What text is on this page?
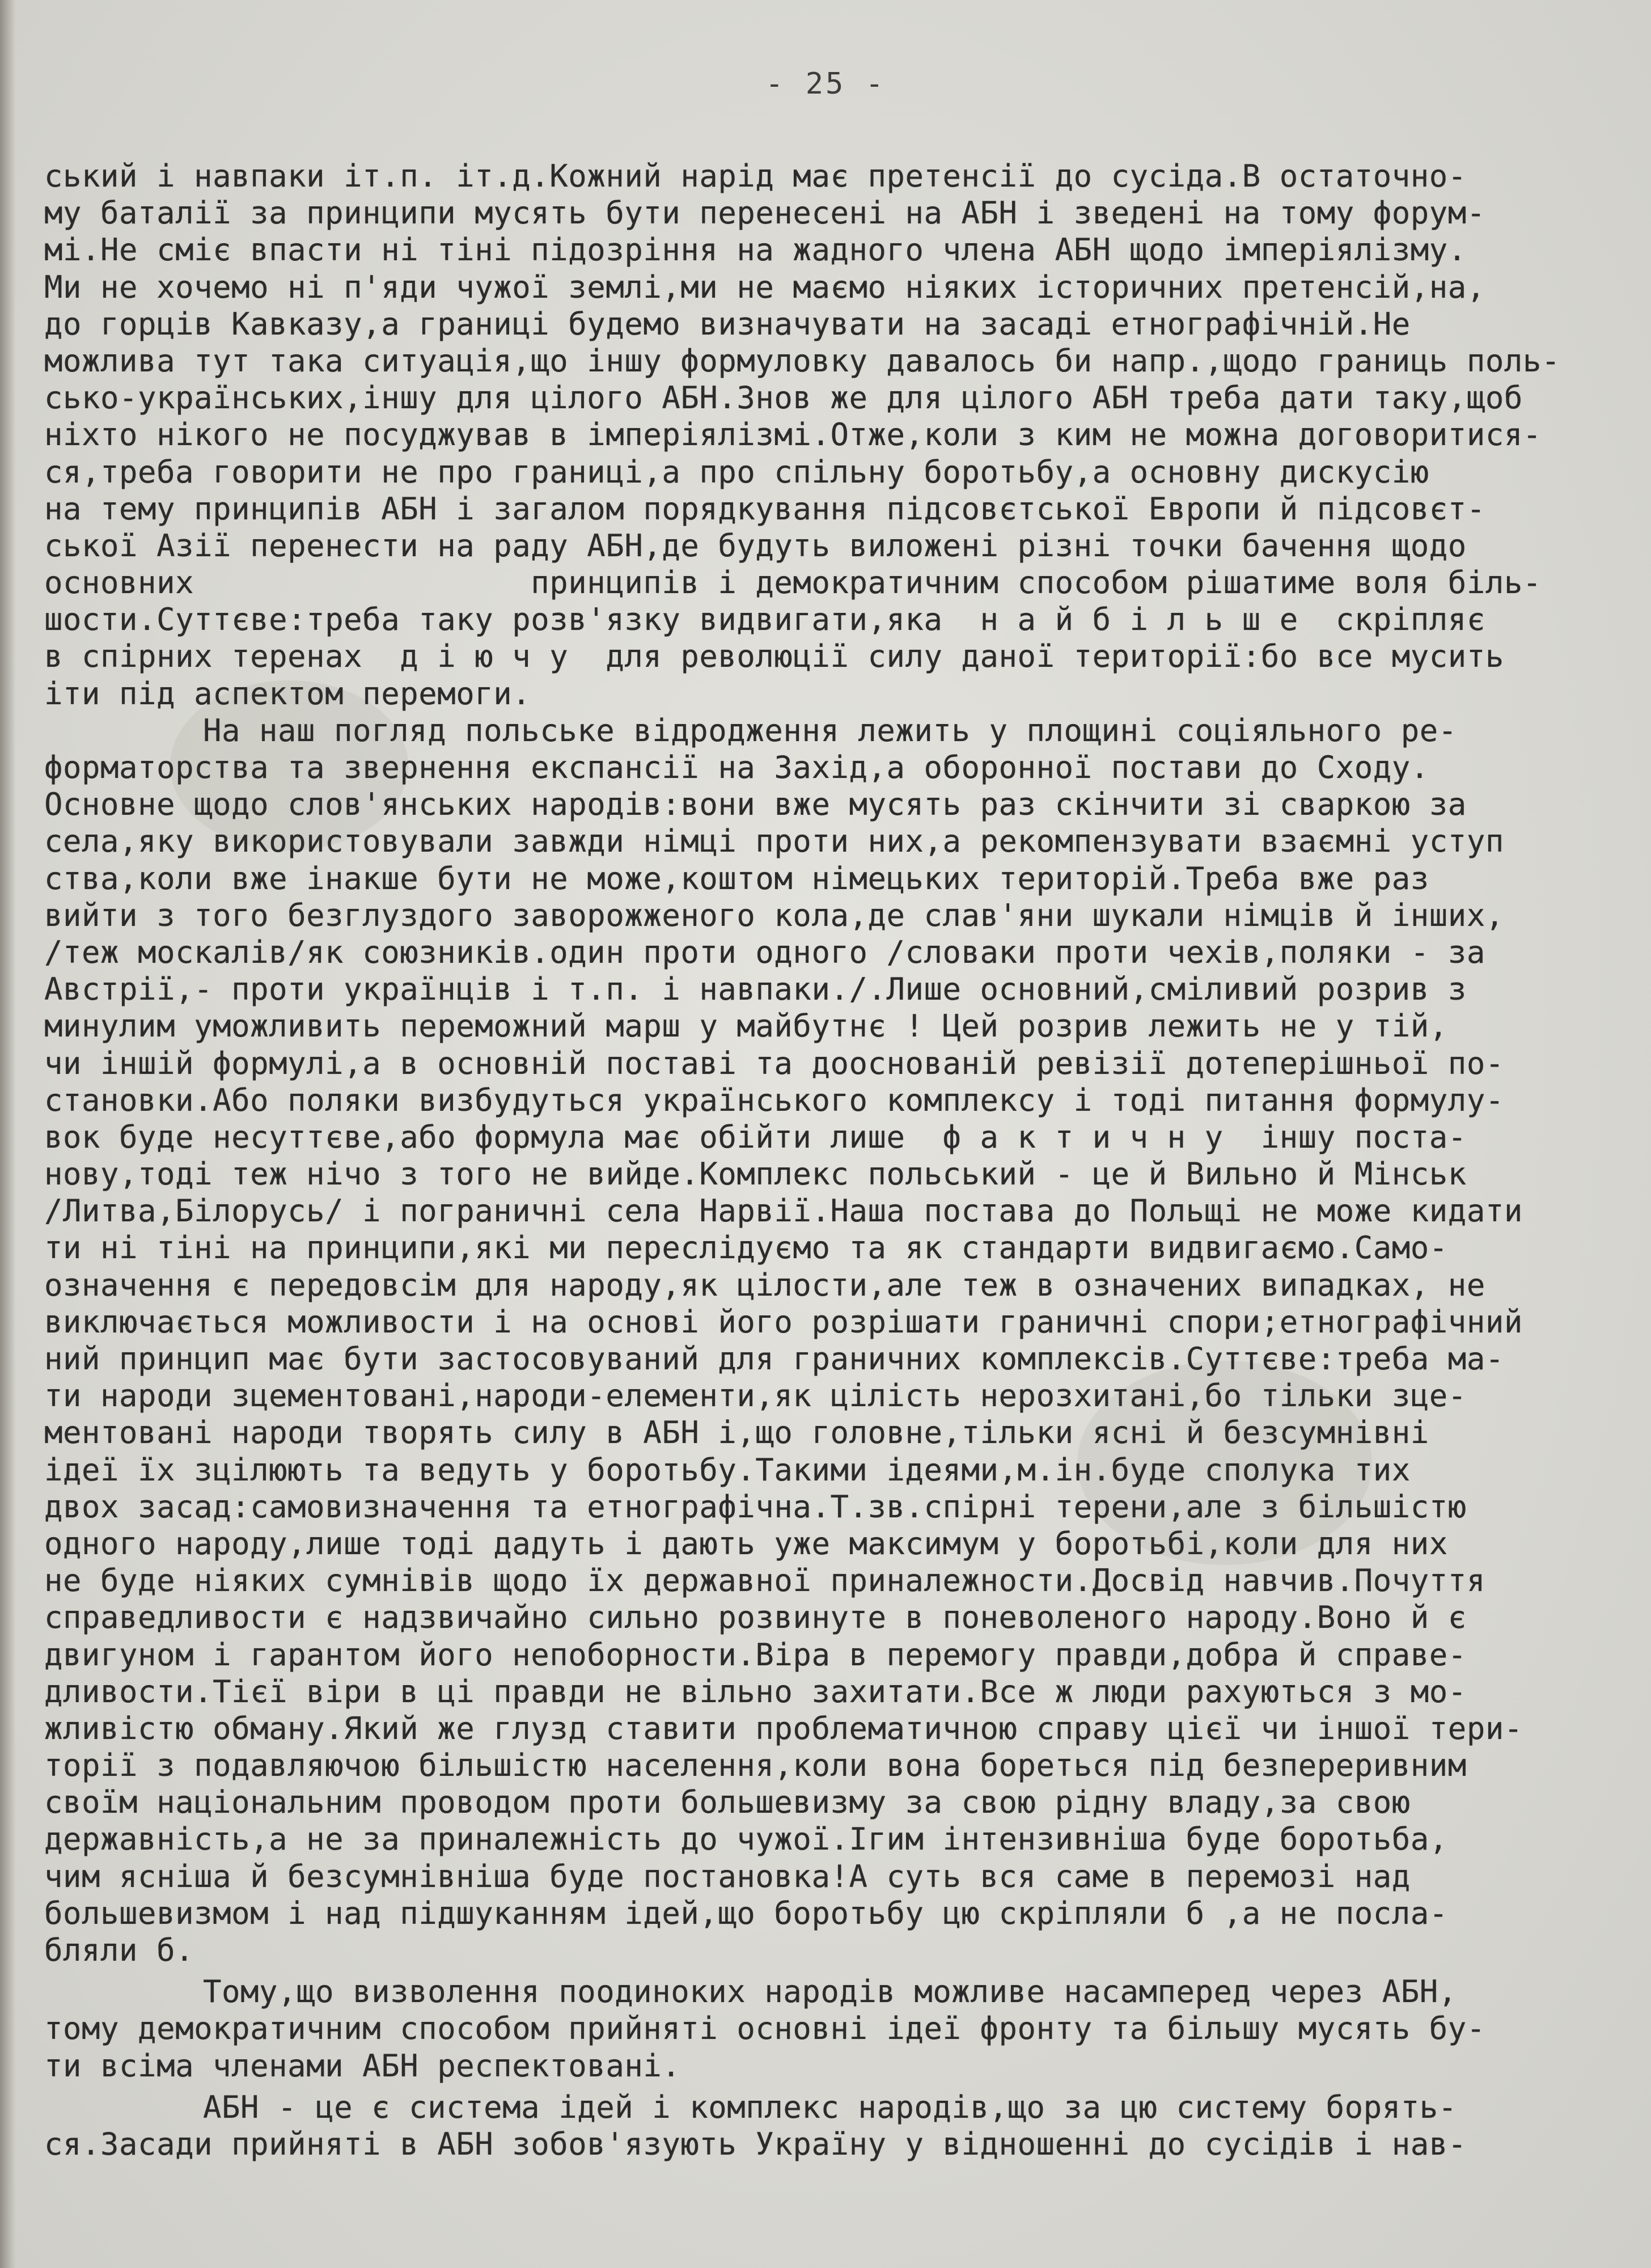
- 25 -
ський і навпаки іт.п. іт.д.Кожний нарід має претенсії до сусіда.В остаточно-
му баталії за принципи мусять бути перенесені на АБН і зведені на тому форум-
мі.Не сміє впасти ні тіні підозріння на жадного члена АБН щодо імперіялізму.
Ми не хочемо ні п'яди чужої землі,ми не маємо ніяких історичних претенсій,на,
до горців Кавказу,а границі будемо визначувати на засаді етнографічній.Не
можлива тут така ситуація,що іншу формуловку давалось би напр.,щодо границь поль-
сько-українських,іншу для цілого АБН.Знов же для цілого АБН треба дати таку,щоб
ніхто нікого не посуджував в імперіялізмі.Отже,коли з ким не можна договоритися-
ся,треба говорити не про границі,а про спільну боротьбу,а основну дискусію
на тему принципів АБН і загалом порядкування підсовєтської Европи й підсовєт-
ської Азії перенести на раду АБН,де будуть виложені різні точки бачення щодо
основних                  принципів і демократичним способом рішатиме воля біль-
шости.Суттєве:треба таку розв'язку видвигати,яка  н а й б і л ь ш е  скріпляє
в спірних теренах  д і ю ч у  для революції силу даної території:бо все мусить
іти під аспектом перемоги.
На наш погляд польське відродження лежить у площині соціяльного ре-
форматорства та звернення експансії на Захід,а оборонної постави до Сходу.
Основне щодо слов'янських народів:вони вже мусять раз скінчити зі сваркою за
села,яку використовували завжди німці проти них,а рекомпензувати взаємні уступ
ства,коли вже інакше бути не може,коштом німецьких територій.Треба вже раз
вийти з того безглуздого заворожженого кола,де слав'яни шукали німців й інших,
/теж москалів/як союзників.один проти одного /словаки проти чехів,поляки - за
Австрії,- проти українців і т.п. і навпаки./.Лише основний,сміливий розрив з
минулим уможливить переможний марш у майбутнє ! Цей розрив лежить не у тій,
чи іншій формулі,а в основній поставі та дооснованій ревізії дотеперішньої по-
становки.Або поляки визбудуться українського комплексу і тоді питання формулу-
вок буде несуттєве,або формула має обійти лише  ф а к т и ч н у  іншу поста-
нову,тоді теж нічо з того не вийде.Комплекс польський - це й Вильно й Мінськ
/Литва,Білорусь/ і пограничні села Нарвії.Наша постава до Польщі не може кидати
ти ні тіні на принципи,які ми переслідуємо та як стандарти видвигаємо.Само-
означення є передовсім для народу,як цілости,але теж в означених випадках, не
виключається можливости і на основі його розрішати граничні спори;етнографічний
ний принцип має бути застосовуваний для граничних комплексів.Суттєве:треба ма-
ти народи зцементовані,народи-елементи,як цілість нерозхитані,бо тільки зце-
ментовані народи творять силу в АБН і,що головне,тільки ясні й безсумнівні
ідеї їх зцілюють та ведуть у боротьбу.Такими ідеями,м.ін.буде сполука тих
двох засад:самовизначення та етнографічна.Т.зв.спірні терени,але з більшістю
одного народу,лише тоді дадуть і дають уже максимум у боротьбі,коли для них
не буде ніяких сумнівів щодо їх державної приналежности.Досвід навчив.Почуття
справедливости є надзвичайно сильно розвинуте в поневоленого народу.Воно й є
двигуном і гарантом його непоборности.Віра в перемогу правди,добра й справе-
дливости.Тієї віри в ці правди не вільно захитати.Все ж люди рахуються з мо-
жливістю обману.Який же глузд ставити проблематичною справу цієї чи іншої тери-
торії з подавляючою більшістю населення,коли вона бореться під безпереривним
своїм національним проводом проти большевизму за свою рідну владу,за свою
державність,а не за приналежність до чужої.Ігим інтензивніша буде боротьба,
чим ясніша й безсумнівніша буде постановка!А суть вся саме в перемозі над
большевизмом і над підшуканням ідей,що боротьбу цю скріпляли б ,а не посла-
бляли б.
Тому,що визволення поодиноких народів можливе насамперед через АБН,
тому демократичним способом прийняті основні ідеї фронту та більшу мусять бу-
ти всіма членами АБН респектовані.
АБН - це є система ідей і комплекс народів,що за цю систему борять-
ся.Засади прийняті в АБН зобов'язують Україну у відношенні до сусідів і нав-
